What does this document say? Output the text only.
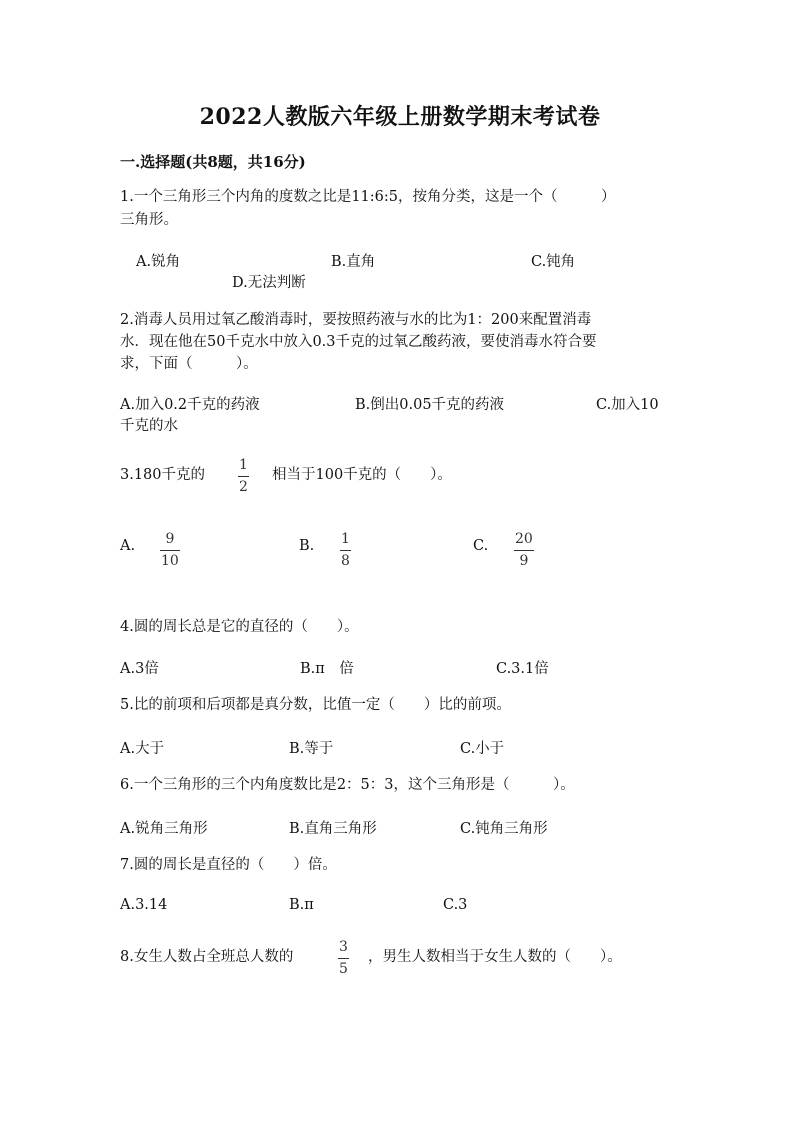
2022人教版六年级上册数学期末考试卷
一.选择题(共8题，共16分)
1.一个三角形三个内角的度数之比是11:6:5，按角分类，这是一个（　　　）
三角形。
A.锐角	B.直角	C.钝角
D.无法判断
2.消毒人员用过氧乙酸消毒时，要按照药液与水的比为1：200来配置消毒
水．现在他在50千克水中放入0.3千克的过氧乙酸药液，要使消毒水符合要
求，下面（　　　）。
A.加入0.2千克的药液	B.倒出0.05千克的药液	C.加入10
千克的水
3.180千克的
1
2
相当于100千克的（　　）。
A. 9
10
B. 1
8
C. 20
9
4.圆的周长总是它的直径的（　　）。
A.3倍	B.π　倍	C.3.1倍
5.比的前项和后项都是真分数，比值一定（　　）比的前项。
A.大于	B.等于	C.小于
6.一个三角形的三个内角度数比是2：5：3，这个三角形是（　　　）。
A.锐角三角形	B.直角三角形	C.钝角三角形
7.圆的周长是直径的（　　）倍。
A.3.14	B.π	C.3
8.女生人数占全班总人数的
3
5
，男生人数相当于女生人数的（　　）。
